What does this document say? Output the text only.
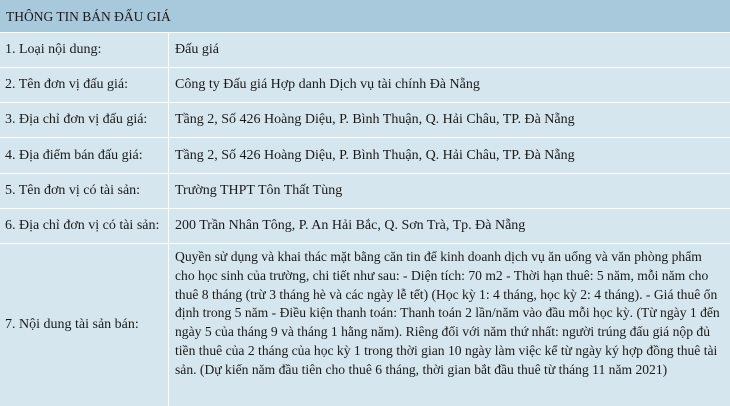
THÔNG TIN BÁN ĐẤU GIÁ
1. Loại nội dung:	Đấu giá
2. Tên đơn vị đấu giá:	Công ty Đấu giá Hợp danh Dịch vụ tài chính Đà Nẵng
3. Địa chỉ đơn vị đấu giá:	Tầng 2, Số 426 Hoàng Diệu, P. Bình Thuận, Q. Hải Châu, TP. Đà Nẵng
4. Địa điểm bán đấu giá:	Tầng 2, Số 426 Hoàng Diệu, P. Bình Thuận, Q. Hải Châu, TP. Đà Nẵng
5. Tên đơn vị có tài sản:	Trường THPT Tôn Thất Tùng
6. Địa chỉ đơn vị có tài sản:	200 Trần Nhân Tông, P. An Hải Bắc, Q. Sơn Trà, Tp. Đà Nẵng
7. Nội dung tài sản bán:
Quyền sử dụng và khai thác mặt bằng căn tin để kinh doanh dịch vụ ăn uống và văn phòng phẩm cho học sinh của trường, chi tiết như sau: - Diện tích: 70 m2 - Thời hạn thuê: 5 năm, mỗi năm cho thuê 8 tháng (trừ 3 tháng hè và các ngày lễ tết) (Học kỳ 1: 4 tháng, học kỳ 2: 4 tháng). - Giá thuê ổn định trong 5 năm - Điều kiện thanh toán: Thanh toán 2 lần/năm vào đầu mỗi học kỳ. (Từ ngày 1 đến ngày 5 của tháng 9 và tháng 1 hằng năm). Riêng đối với năm thứ nhất: người trúng đấu giá nộp đủ tiền thuê của 2 tháng của học kỳ 1 trong thời gian 10 ngày làm việc kể từ ngày ký hợp đồng thuê tài sản. (Dự kiến năm đầu tiên cho thuê 6 tháng, thời gian bắt đầu thuê từ tháng 11 năm 2021)
